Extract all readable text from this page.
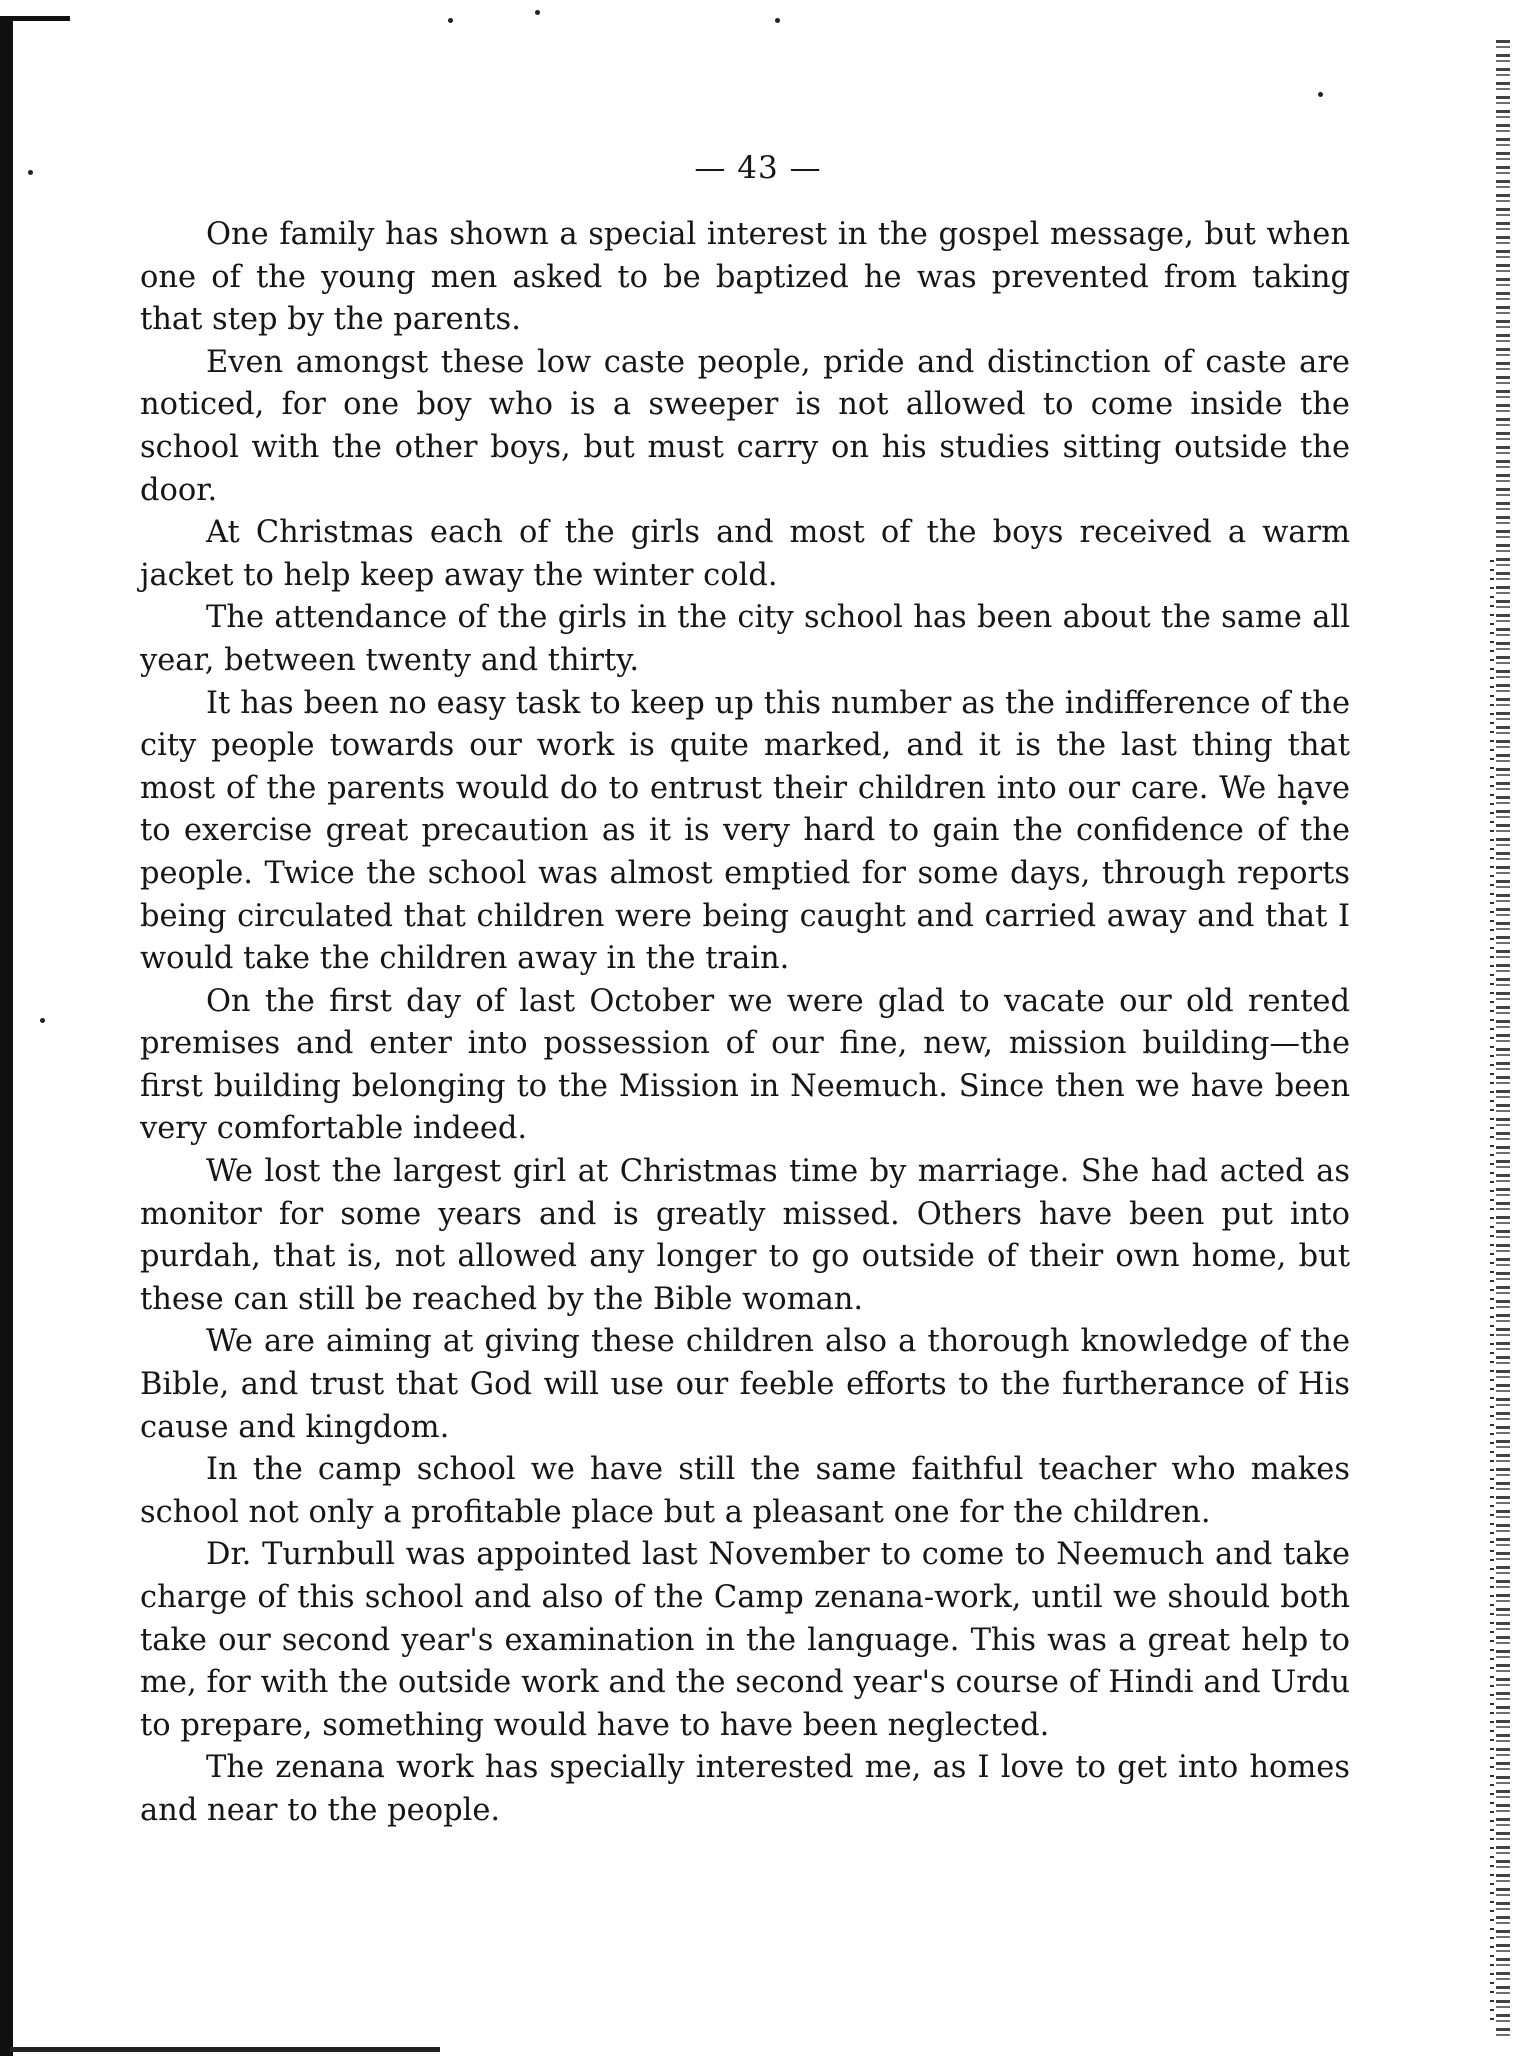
— 43 —

One family has shown a special interest in the gospel message, but when one of the young men asked to be baptized he was prevented from taking that step by the parents.

Even amongst these low caste people, pride and distinction of caste are noticed, for one boy who is a sweeper is not allowed to come inside the school with the other boys, but must carry on his studies sitting outside the door.

At Christmas each of the girls and most of the boys received a warm jacket to help keep away the winter cold.

The attendance of the girls in the city school has been about the same all year, between twenty and thirty.

It has been no easy task to keep up this number as the indifference of the city people towards our work is quite marked, and it is the last thing that most of the parents would do to entrust their children into our care. We have to exercise great precaution as it is very hard to gain the confidence of the people. Twice the school was almost emptied for some days, through reports being circulated that children were being caught and carried away and that I would take the children away in the train.

On the first day of last October we were glad to vacate our old rented premises and enter into possession of our fine, new, mission building—the first building belonging to the Mission in Neemuch. Since then we have been very comfortable indeed.

We lost the largest girl at Christmas time by marriage. She had acted as monitor for some years and is greatly missed. Others have been put into purdah, that is, not allowed any longer to go outside of their own home, but these can still be reached by the Bible woman.

We are aiming at giving these children also a thorough knowledge of the Bible, and trust that God will use our feeble efforts to the furtherance of His cause and kingdom.

In the camp school we have still the same faithful teacher who makes school not only a profitable place but a pleasant one for the children.

Dr. Turnbull was appointed last November to come to Neemuch and take charge of this school and also of the Camp zenana-work, until we should both take our second year's examination in the language. This was a great help to me, for with the outside work and the second year's course of Hindi and Urdu to prepare, something would have to have been neglected.

The zenana work has specially interested me, as I love to get into homes and near to the people.
